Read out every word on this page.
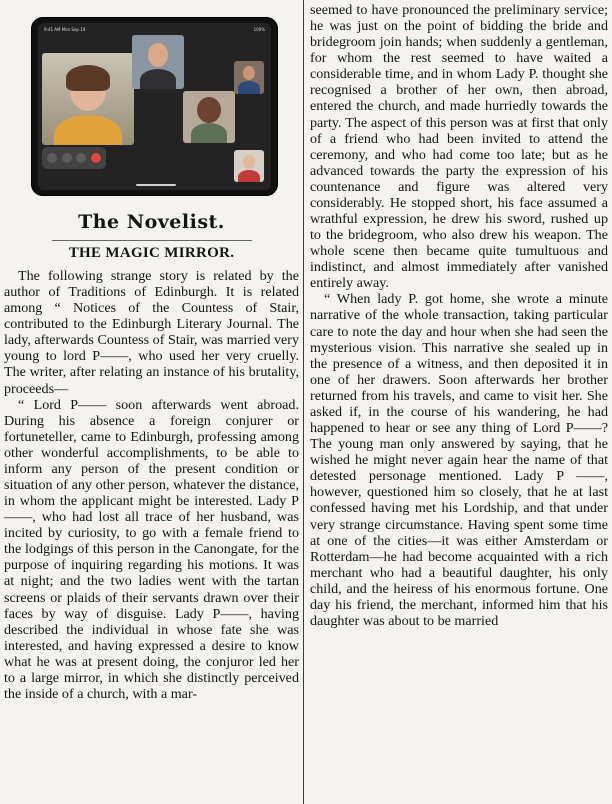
9:41 AM Mon Sep 19	100%
The Novelist.
THE MAGIC MIRROR.

The following strange story is related by the author of Traditions of Edinburgh. It is related among “ Notices of the Countess of Stair, contributed to the Edinburgh Literary Journal. The lady, afterwards Countess of Stair, was married very young to lord P——, who used her very cruelly. The writer, after relating an instance of his brutality, proceeds—

“ Lord P—— soon afterwards went abroad. During his absence a foreign conjurer or fortuneteller, came to Edinburgh, professing among other wonderful accomplishments, to be able to inform any person of the present condition or situation of any other person, whatever the distance, in whom the applicant might be interested. Lady P——, who had lost all trace of her husband, was incited by curiosity, to go with a female friend to the lodgings of this person in the Canongate, for the purpose of inquiring regarding his motions. It was at night; and the two ladies went with the tartan screens or plaids of their servants drawn over their faces by way of disguise. Lady P——, having described the individual in whose fate she was interested, and having expressed a desire to know what he was at present doing, the conjuror led her to a large mirror, in which she distinctly perceived the inside of a church, with a mar-

seemed to have pronounced the preliminary service; he was just on the point of bidding the bride and bridegroom join hands; when suddenly a gentleman, for whom the rest seemed to have waited a considerable time, and in whom Lady P. thought she recognised a brother of her own, then abroad, entered the church, and made hurriedly towards the party. The aspect of this person was at first that only of a friend who had been invited to attend the ceremony, and who had come too late; but as he advanced towards the party the expression of his countenance and figure was altered very considerably. He stopped short, his face assumed a wrathful expression, he drew his sword, rushed up to the bridegroom, who also drew his weapon. The whole scene then became quite tumultuous and indistinct, and almost immediately after vanished entirely away.

“ When lady P. got home, she wrote a minute narrative of the whole transaction, taking particular care to note the day and hour when she had seen the mysterious vision. This narrative she sealed up in the presence of a witness, and then deposited it in one of her drawers. Soon afterwards her brother returned from his travels, and came to visit her. She asked if, in the course of his wandering, he had happened to hear or see any thing of Lord P——? The young man only answered by saying, that he wished he might never again hear the name of that detested personage mentioned. Lady P ——, however, questioned him so closely, that he at last confessed having met his Lordship, and that under very strange circumstance. Having spent some time at one of the cities—it was either Amsterdam or Rotterdam—he had become acquainted with a rich merchant who had a beautiful daughter, his only child, and the heiress of his enormous fortune. One day his friend, the merchant, informed him that his daughter was about to be married
